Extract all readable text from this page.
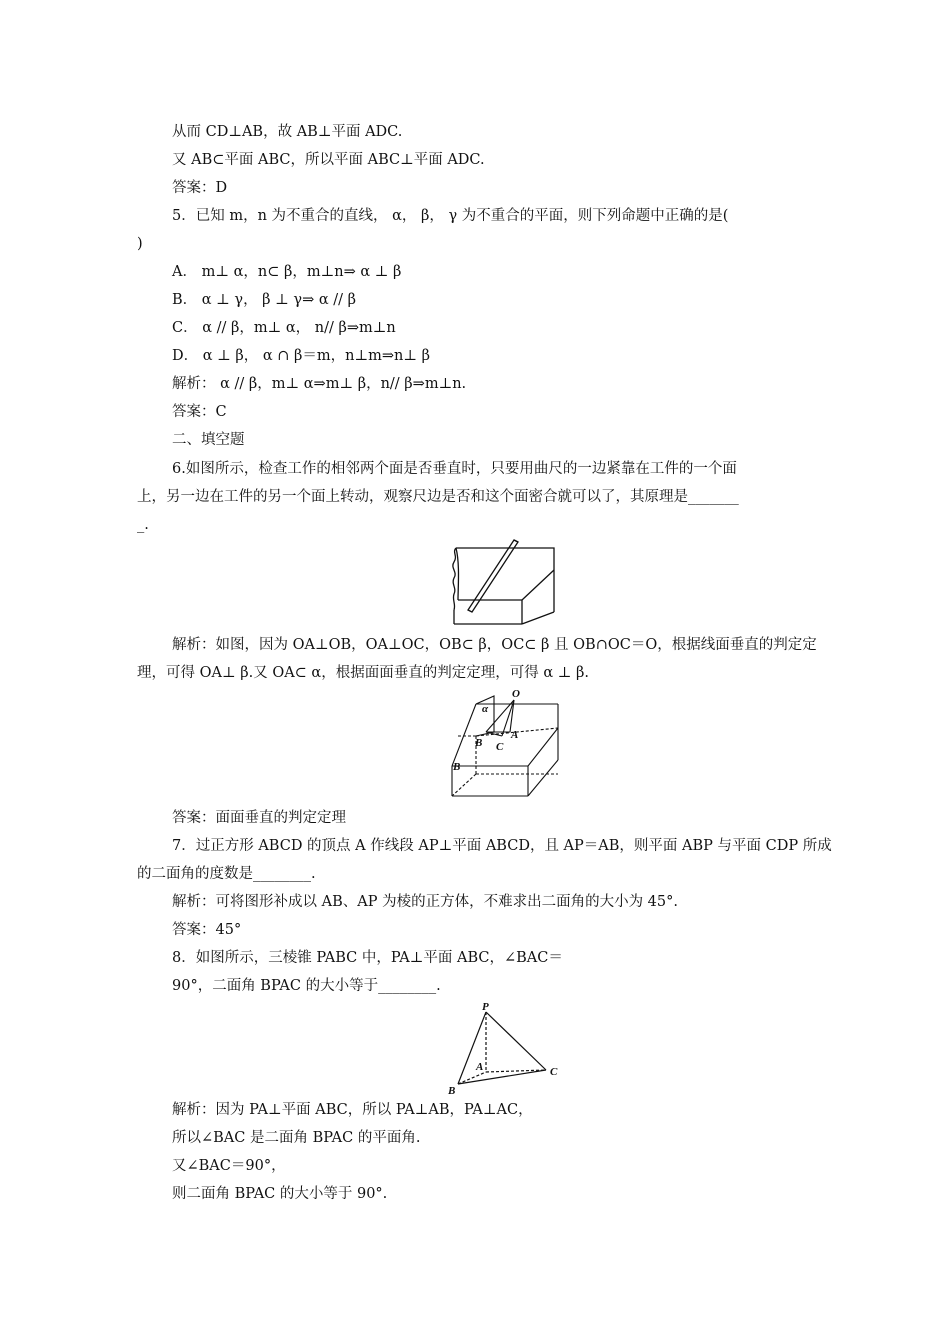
从而 CD⊥AB，故 AB⊥平面 ADC.
又 AB⊂平面 ABC，所以平面 ABC⊥平面 ADC.
答案：D
5．已知 m，n 为不重合的直线， α， β， γ 为不重合的平面，则下列命题中正确的是(
)
A． m⊥ α，n⊂ β，m⊥n⇒ α ⊥ β
B． α ⊥ γ， β ⊥ γ⇒ α // β
C． α // β，m⊥ α， n// β⇒m⊥n
D． α ⊥ β， α ∩ β＝m，n⊥m⇒n⊥ β
解析： α // β，m⊥ α⇒m⊥ β，n// β⇒m⊥n.
答案：C
二、填空题
6.如图所示，检查工作的相邻两个面是否垂直时，只要用曲尺的一边紧靠在工件的一个面
上，另一边在工件的另一个面上转动，观察尺边是否和这个面密合就可以了，其原理是_______
_.
解析：如图，因为 OA⊥OB，OA⊥OC，OB⊂ β，OC⊂ β 且 OB∩OC＝O，根据线面垂直的判定定
理，可得 OA⊥ β.又 OA⊂ α，根据面面垂直的判定定理，可得 α ⊥ β.
O
α
B
A
C
B
答案：面面垂直的判定定理
7．过正方形 ABCD 的顶点 A 作线段 AP⊥平面 ABCD，且 AP＝AB，则平面 ABP 与平面 CDP 所成
的二面角的度数是________.
解析：可将图形补成以 AB、AP 为棱的正方体，不难求出二面角的大小为 45°.
答案：45°
8．如图所示，三棱锥 PABC 中，PA⊥平面 ABC，∠BAC＝
90°，二面角 BPAC 的大小等于________.
P
A
B
C
解析：因为 PA⊥平面 ABC，所以 PA⊥AB，PA⊥AC，
所以∠BAC 是二面角 BPAC 的平面角.
又∠BAC＝90°，
则二面角 BPAC 的大小等于 90°.
